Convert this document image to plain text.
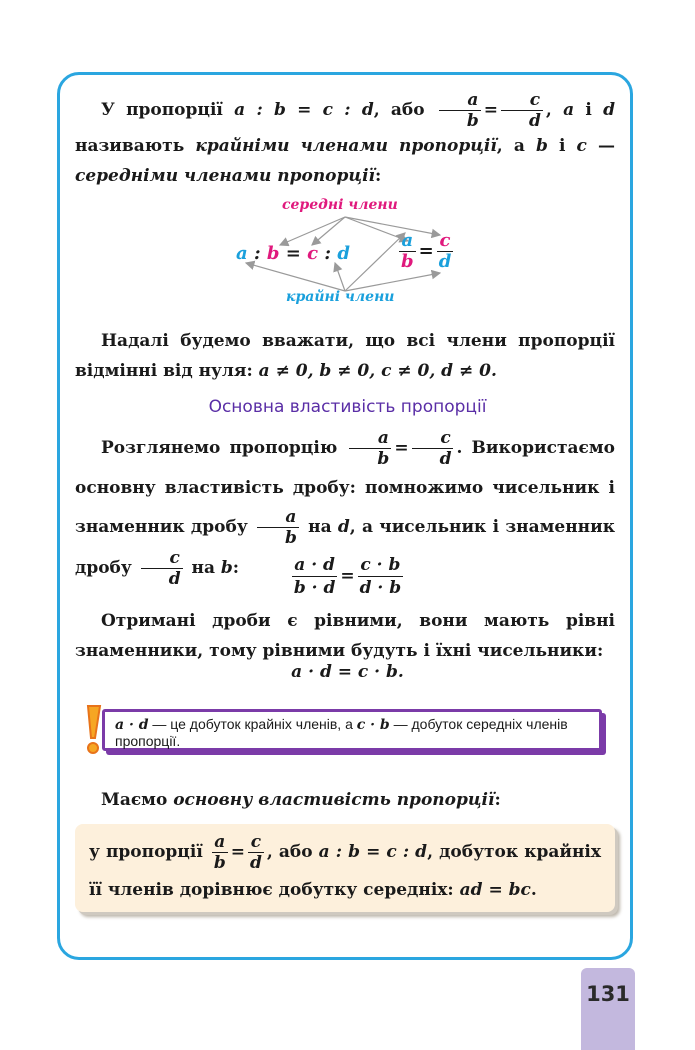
У пропорції a : b = c : d, або $\frac{a}{b} = \frac{c}{d}$ , a і d називають крайніми членами пропорції, а b і c — середніми членами пропорції:
середні члени
a : b = c : d	$\frac{a}{b} = \frac{c}{d}$
крайні члени
Надалі будемо вважати, що всі члени пропорції відмінні від нуля: a ≠ 0, b ≠ 0, c ≠ 0, d ≠ 0.
Основна властивість пропорції
Розглянемо пропорцію $\frac{a}{b} = \frac{c}{d}$ . Використаємо основну властивість дробу: помножимо чисельник і знаменник дробу $\frac{a}{b}$ на d, а чисельник і знаменник дробу $\frac{c}{d}$ на b:	$\frac{a \cdot d}{b \cdot d} = \frac{c \cdot b}{d \cdot b}$
Отримані дроби є рівними, вони мають рівні знаменники, тому рівними будуть і їхні чисельники:
a · d = c · b.
a · d — це добуток крайніх членів, а c · b — добуток середніх членів пропорції.
Маємо основну властивість пропорції:
у пропорції $\frac{a}{b} = \frac{c}{d}$ , або a : b = c : d, добуток крайніх її членів дорівнює добутку середніх: ad = bc.
131
